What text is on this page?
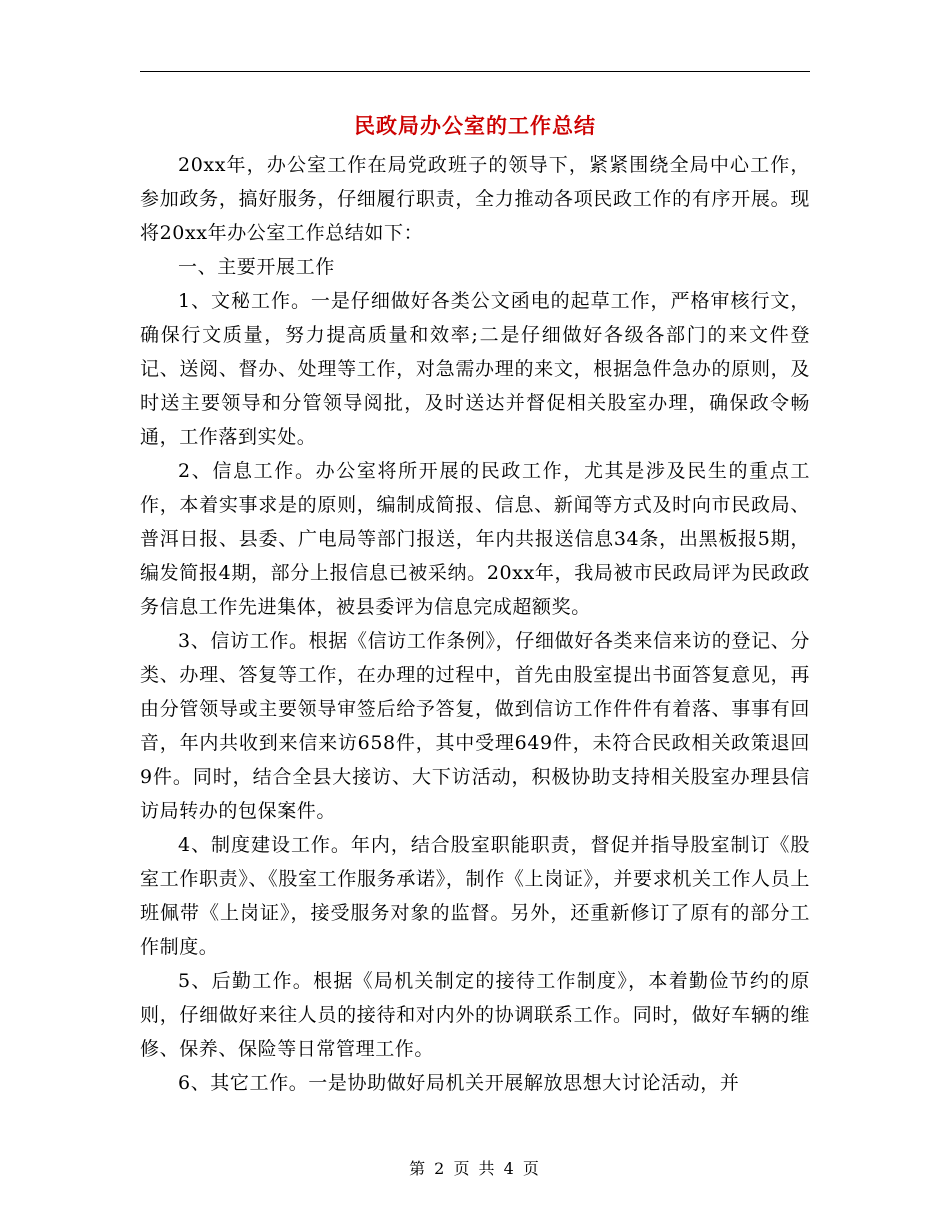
民政局办公室的工作总结

20xx年，办公室工作在局党政班子的领导下，紧紧围绕全局中心工作，参加政务，搞好服务，仔细履行职责，全力推动各项民政工作的有序开展。现将20xx年办公室工作总结如下：

一、主要开展工作

1、文秘工作。一是仔细做好各类公文函电的起草工作，严格审核行文，确保行文质量，努力提高质量和效率;二是仔细做好各级各部门的来文件登记、送阅、督办、处理等工作，对急需办理的来文，根据急件急办的原则，及时送主要领导和分管领导阅批，及时送达并督促相关股室办理，确保政令畅通，工作落到实处。

2、信息工作。办公室将所开展的民政工作，尤其是涉及民生的重点工作，本着实事求是的原则，编制成简报、信息、新闻等方式及时向市民政局、普洱日报、县委、广电局等部门报送，年内共报送信息34条，出黑板报5期，编发简报4期，部分上报信息已被采纳。20xx年，我局被市民政局评为民政政务信息工作先进集体，被县委评为信息完成超额奖。

3、信访工作。根据《信访工作条例》，仔细做好各类来信来访的登记、分类、办理、答复等工作，在办理的过程中，首先由股室提出书面答复意见，再由分管领导或主要领导审签后给予答复，做到信访工作件件有着落、事事有回音，年内共收到来信来访658件，其中受理649件，未符合民政相关政策退回9件。同时，结合全县大接访、大下访活动，积极协助支持相关股室办理县信访局转办的包保案件。

4、制度建设工作。年内，结合股室职能职责，督促并指导股室制订《股室工作职责》、《股室工作服务承诺》，制作《上岗证》，并要求机关工作人员上班佩带《上岗证》，接受服务对象的监督。另外，还重新修订了原有的部分工作制度。

5、后勤工作。根据《局机关制定的接待工作制度》，本着勤俭节约的原则，仔细做好来往人员的接待和对内外的协调联系工作。同时，做好车辆的维修、保养、保险等日常管理工作。

6、其它工作。一是协助做好局机关开展解放思想大讨论活动，并

第 2 页 共 4 页
